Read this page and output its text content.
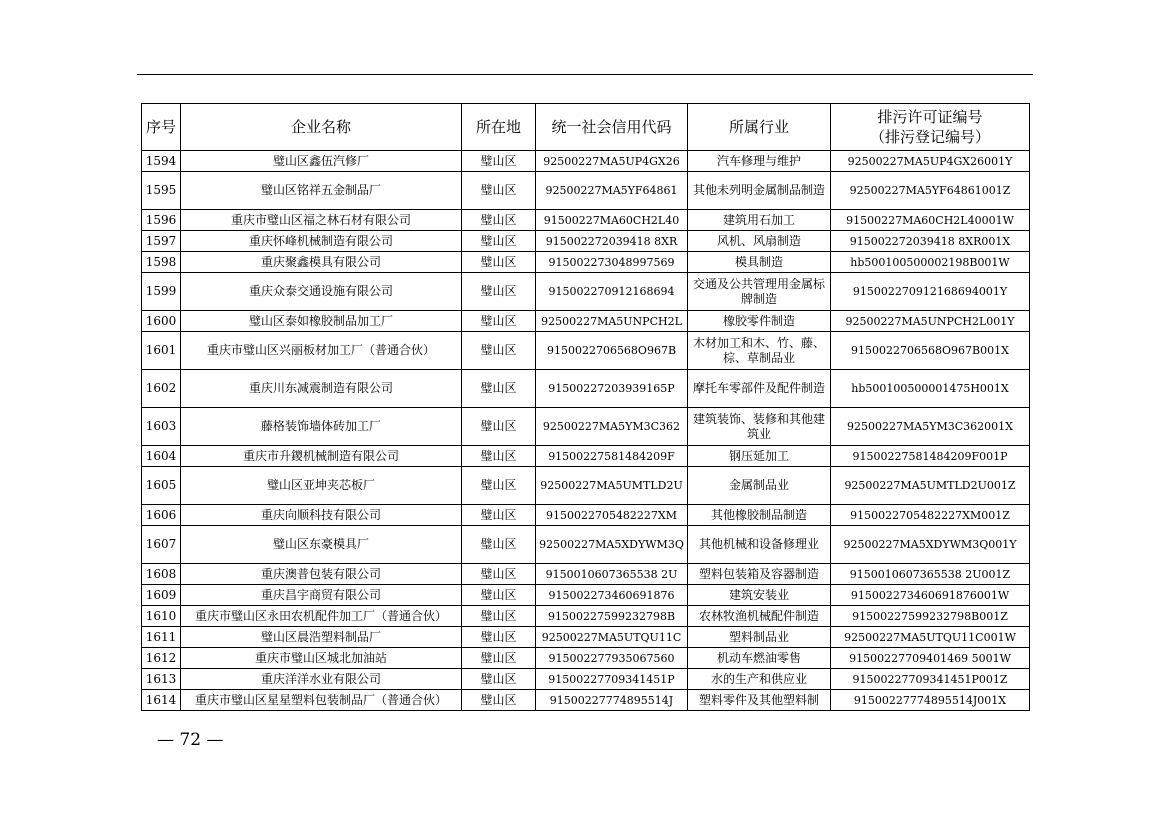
序号	企业名称	所在地	统一社会信用代码	所属行业	排污许可证编号
（排污登记编号）
1594	璧山区鑫伍汽修厂	璧山区	92500227MA5UP4GX26	汽车修理与维护	92500227MA5UP4GX26001Y
1595	璧山区铭祥五金制品厂	璧山区	92500227MA5YF64861	其他未列明金属制品制造	92500227MA5YF64861001Z
1596	重庆市璧山区福之林石材有限公司	璧山区	91500227MA60CH2L40	建筑用石加工	91500227MA60CH2L40001W
1597	重庆怀峰机械制造有限公司	璧山区	915002272039418 8XR	风机、风扇制造	915002272039418 8XR001X
1598	重庆聚鑫模具有限公司	璧山区	915002273048997569	模具制造	hb500100500002198B001W
1599	重庆众泰交通设施有限公司	璧山区	915002270912168694	交通及公共管理用金属标牌制造	915002270912168694001Y
1600	璧山区泰如橡胶制品加工厂	璧山区	92500227MA5UNPCH2L	橡胶零件制造	92500227MA5UNPCH2L001Y
1601	重庆市璧山区兴丽板材加工厂（普通合伙）	璧山区	9150022706568O967B	木材加工和木、竹、藤、棕、草制品业	9150022706568O967B001X
1602	重庆川东减震制造有限公司	璧山区	91500227203939165P	摩托车零部件及配件制造	hb500100500001475H001X
1603	藤格装饰墙体砖加工厂	璧山区	92500227MA5YM3C362	建筑装饰、装修和其他建筑业	92500227MA5YM3C362001X
1604	重庆市升鑁机械制造有限公司	璧山区	91500227581484209F	钢压延加工	91500227581484209F001P
1605	璧山区亚坤夹芯板厂	璧山区	92500227MA5UMTLD2U	金属制品业	92500227MA5UMTLD2U001Z
1606	重庆向顺科技有限公司	璧山区	9150022705482227XM	其他橡胶制品制造	9150022705482227XM001Z
1607	璧山区东豪模具厂	璧山区	92500227MA5XDYWM3Q	其他机械和设备修理业	92500227MA5XDYWM3Q001Y
1608	重庆澳普包装有限公司	璧山区	9150010607365538 2U	塑料包装箱及容器制造	9150010607365538 2U001Z
1609	重庆昌宇商贸有限公司	璧山区	915002273460691876	建筑安装业	915002273460691876001W
1610	重庆市璧山区永田农机配件加工厂（普通合伙）	璧山区	91500227599232798B	农林牧渔机械配件制造	91500227599232798B001Z
1611	璧山区晨浩塑料制品厂	璧山区	92500227MA5UTQU11C	塑料制品业	92500227MA5UTQU11C001W
1612	重庆市璧山区城北加油站	璧山区	915002277935067560	机动车燃油零售	91500227709401469 5001W
1613	重庆洋洋水业有限公司	璧山区	91500227709341451P	水的生产和供应业	91500227709341451P001Z
1614	重庆市璧山区星星塑料包装制品厂（普通合伙）	璧山区	91500227774895514J	塑料零件及其他塑料制	91500227774895514J001X
— 72 —
